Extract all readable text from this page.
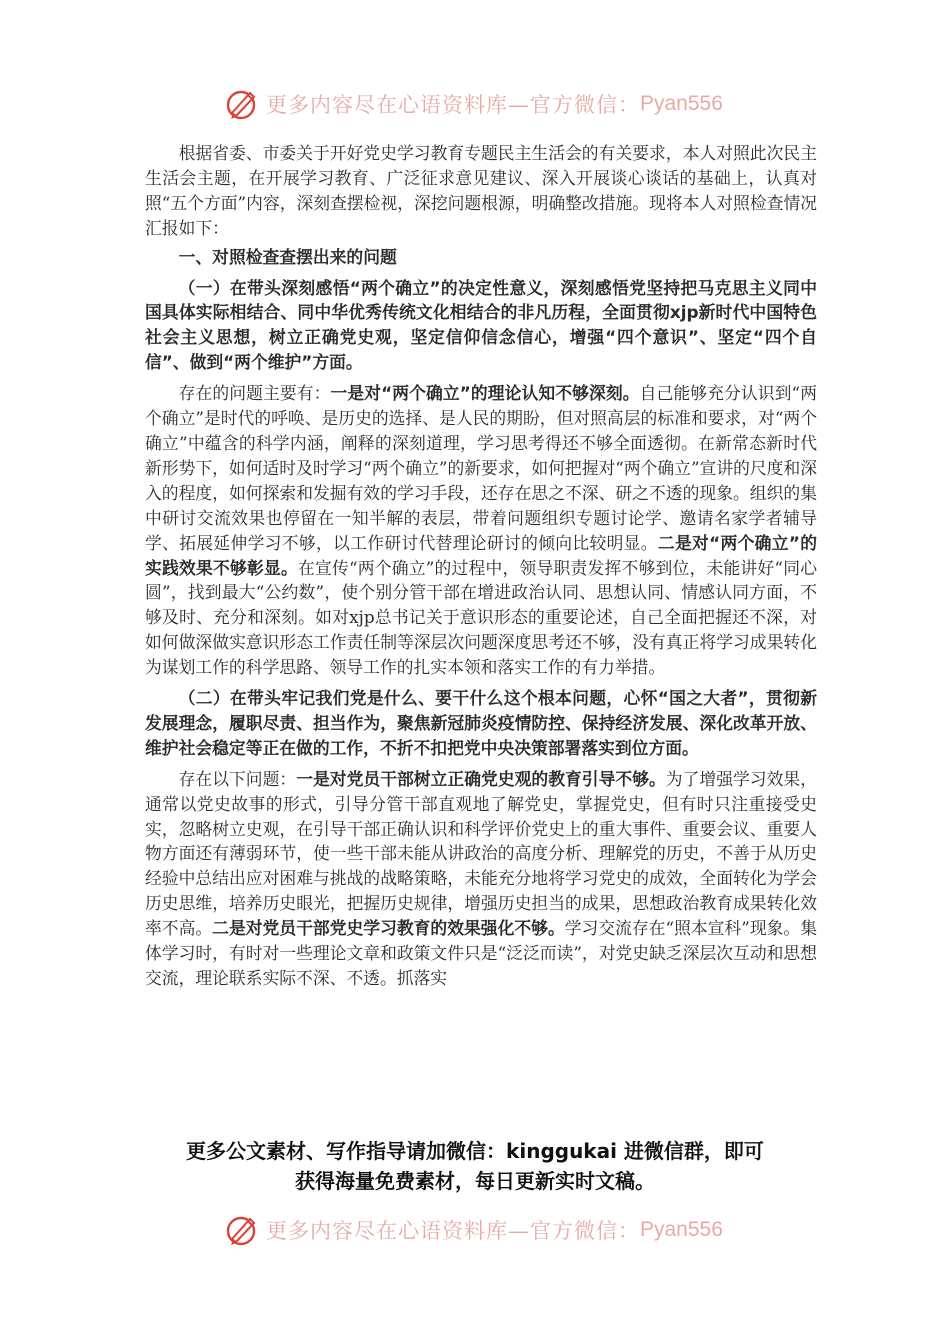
更多内容尽在心语资料库—官方微信： Pyan556

根据省委、市委关于开好党史学习教育专题民主生活会的有关要求，本人对照此次民主生活会主题，在开展学习教育、广泛征求意见建议、深入开展谈心谈话的基础上，认真对照“五个方面”内容，深刻查摆检视，深挖问题根源，明确整改措施。现将本人对照检查情况汇报如下：

一、对照检查查摆出来的问题

（一）在带头深刻感悟“两个确立”的决定性意义，深刻感悟党坚持把马克思主义同中国具体实际相结合、同中华优秀传统文化相结合的非凡历程，全面贯彻xjp新时代中国特色社会主义思想，树立正确党史观，坚定信仰信念信心，增强“四个意识”、坚定“四个自信”、做到“两个维护”方面。

存在的问题主要有：一是对“两个确立”的理论认知不够深刻。自己能够充分认识到“两个确立”是时代的呼唤、是历史的选择、是人民的期盼，但对照高层的标准和要求，对“两个确立”中蕴含的科学内涵，阐释的深刻道理，学习思考得还不够全面透彻。在新常态新时代新形势下，如何适时及时学习“两个确立”的新要求，如何把握对“两个确立”宣讲的尺度和深入的程度，如何探索和发掘有效的学习手段，还存在思之不深、研之不透的现象。组织的集中研讨交流效果也停留在一知半解的表层，带着问题组织专题讨论学、邀请名家学者辅导学、拓展延伸学习不够，以工作研讨代替理论研讨的倾向比较明显。二是对“两个确立”的实践效果不够彰显。在宣传“两个确立”的过程中，领导职责发挥不够到位，未能讲好“同心圆”，找到最大“公约数”，使个别分管干部在增进政治认同、思想认同、情感认同方面，不够及时、充分和深刻。如对xjp总书记关于意识形态的重要论述，自己全面把握还不深，对如何做深做实意识形态工作责任制等深层次问题深度思考还不够，没有真正将学习成果转化为谋划工作的科学思路、领导工作的扎实本领和落实工作的有力举措。

（二）在带头牢记我们党是什么、要干什么这个根本问题，心怀“国之大者”，贯彻新发展理念，履职尽责、担当作为，聚焦新冠肺炎疫情防控、保持经济发展、深化改革开放、维护社会稳定等正在做的工作，不折不扣把党中央决策部署落实到位方面。

存在以下问题：一是对党员干部树立正确党史观的教育引导不够。为了增强学习效果，通常以党史故事的形式，引导分管干部直观地了解党史，掌握党史，但有时只注重接受史实，忽略树立史观，在引导干部正确认识和科学评价党史上的重大事件、重要会议、重要人物方面还有薄弱环节，使一些干部未能从讲政治的高度分析、理解党的历史，不善于从历史经验中总结出应对困难与挑战的战略策略，未能充分地将学习党史的成效，全面转化为学会历史思维，培养历史眼光，把握历史规律，增强历史担当的成果，思想政治教育成果转化效率不高。二是对党员干部党史学习教育的效果强化不够。学习交流存在“照本宣科”现象。集体学习时，有时对一些理论文章和政策文件只是“泛泛而读”，对党史缺乏深层次互动和思想交流，理论联系实际不深、不透。抓落实

更多公文素材、写作指导请加微信：kinggukai 进微信群，即可
获得海量免费素材，每日更新实时文稿。
更多内容尽在心语资料库—官方微信： Pyan556
